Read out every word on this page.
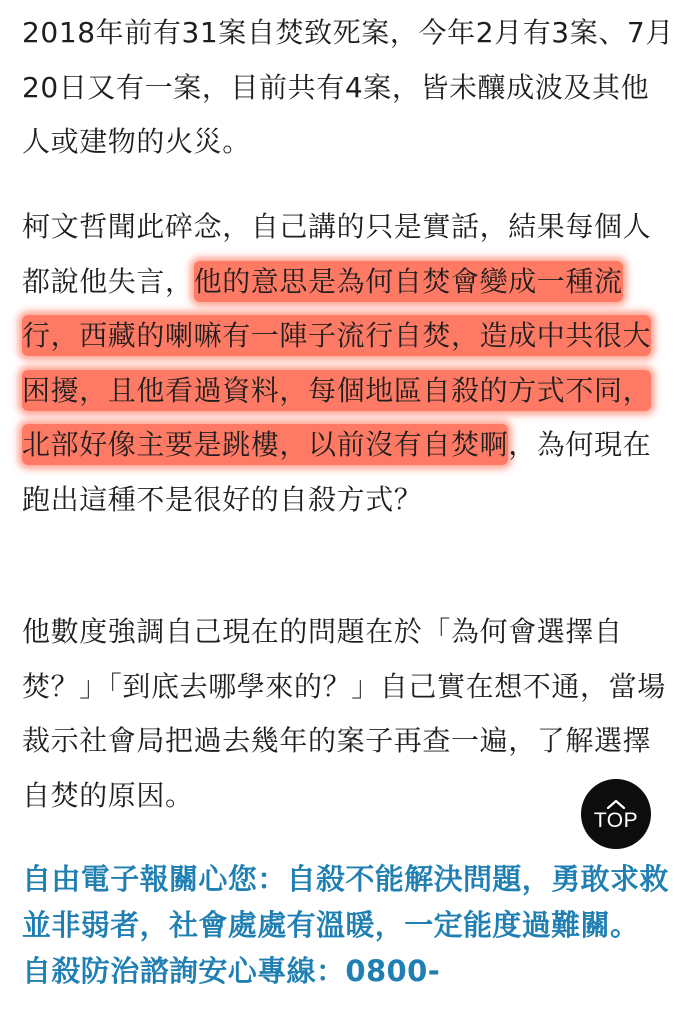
2018年前有31案自焚致死案，今年2月有3案、7月20日又有一案，目前共有4案，皆未釀成波及其他人或建物的火災。

柯文哲聞此碎念，自己講的只是實話，結果每個人都說他失言，他的意思是為何自焚會變成一種流行，西藏的喇嘛有一陣子流行自焚，造成中共很大困擾，且他看過資料，每個地區自殺的方式不同，北部好像主要是跳樓，以前沒有自焚啊，為何現在跑出這種不是很好的自殺方式？

他數度強調自己現在的問題在於「為何會選擇自焚？」「到底去哪學來的？」自己實在想不通，當場裁示社會局把過去幾年的案子再查一遍，了解選擇自焚的原因。

自由電子報關心您：自殺不能解決問題，勇敢求救並非弱者，社會處處有溫暖，一定能度過難關。
自殺防治諮詢安心專線：0800-

TOP
